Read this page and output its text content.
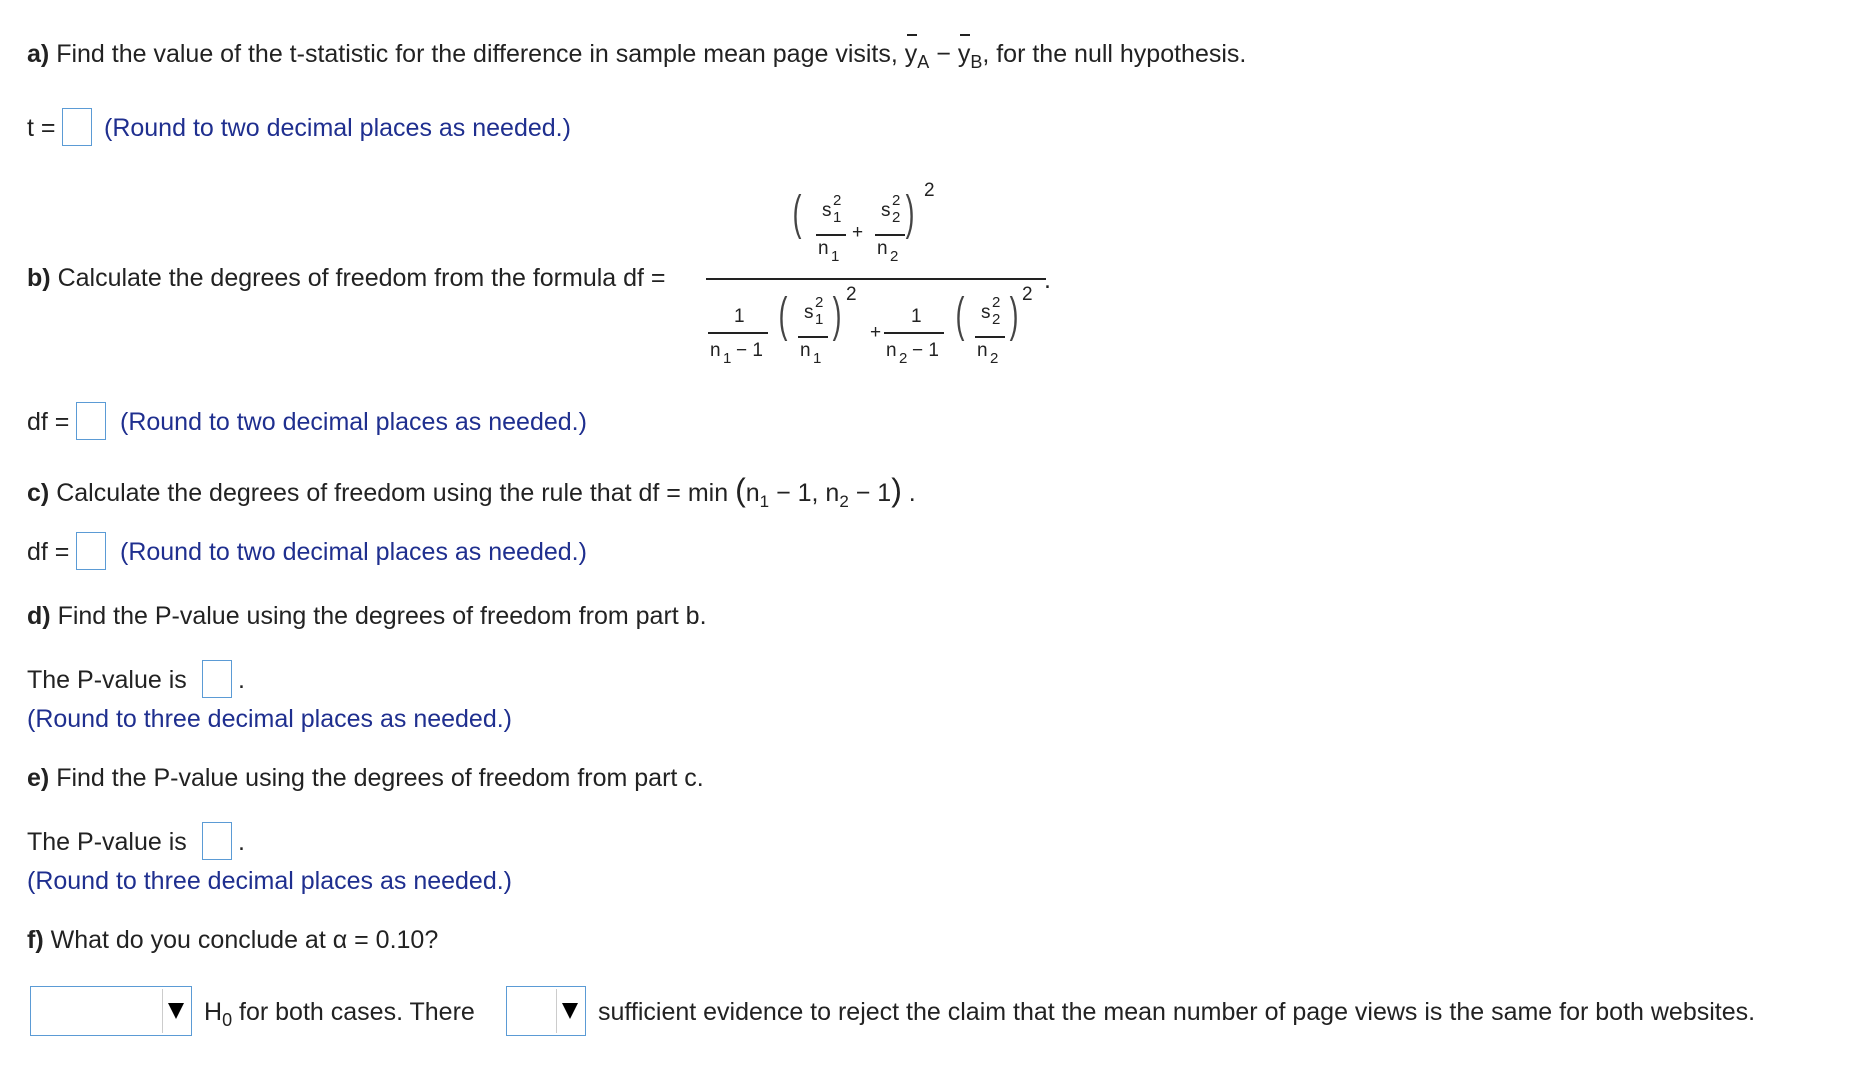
a) Find the value of the t-statistic for the difference in sample mean page visits, $y_A - y_B$, for the null hypothesis.
t = (Round to two decimal places as needed.)
b) Calculate the degrees of freedom from the formula df =
( s 2
1
n 1
+
s 2
2
n 2
) 2
.
1
n 1 − 1
( s 2
1
n 1
) 2
+
1
n 2 − 1
( s 2
2
n 2
) 2
df = (Round to two decimal places as needed.)
c) Calculate the degrees of freedom using the rule that df = $\min (n_1 - 1$, $n_2 - 1$) .
df = (Round to two decimal places as needed.)
d) Find the P-value using the degrees of freedom from part b.
The P-value is .
(Round to three decimal places as needed.)
e) Find the P-value using the degrees of freedom from part c.
The P-value is .
(Round to three decimal places as needed.)
f) What do you conclude at α = 0.10?
$H_0$ for both cases. There	sufficient evidence to reject the claim that the mean number of page views is the same for both websites.
